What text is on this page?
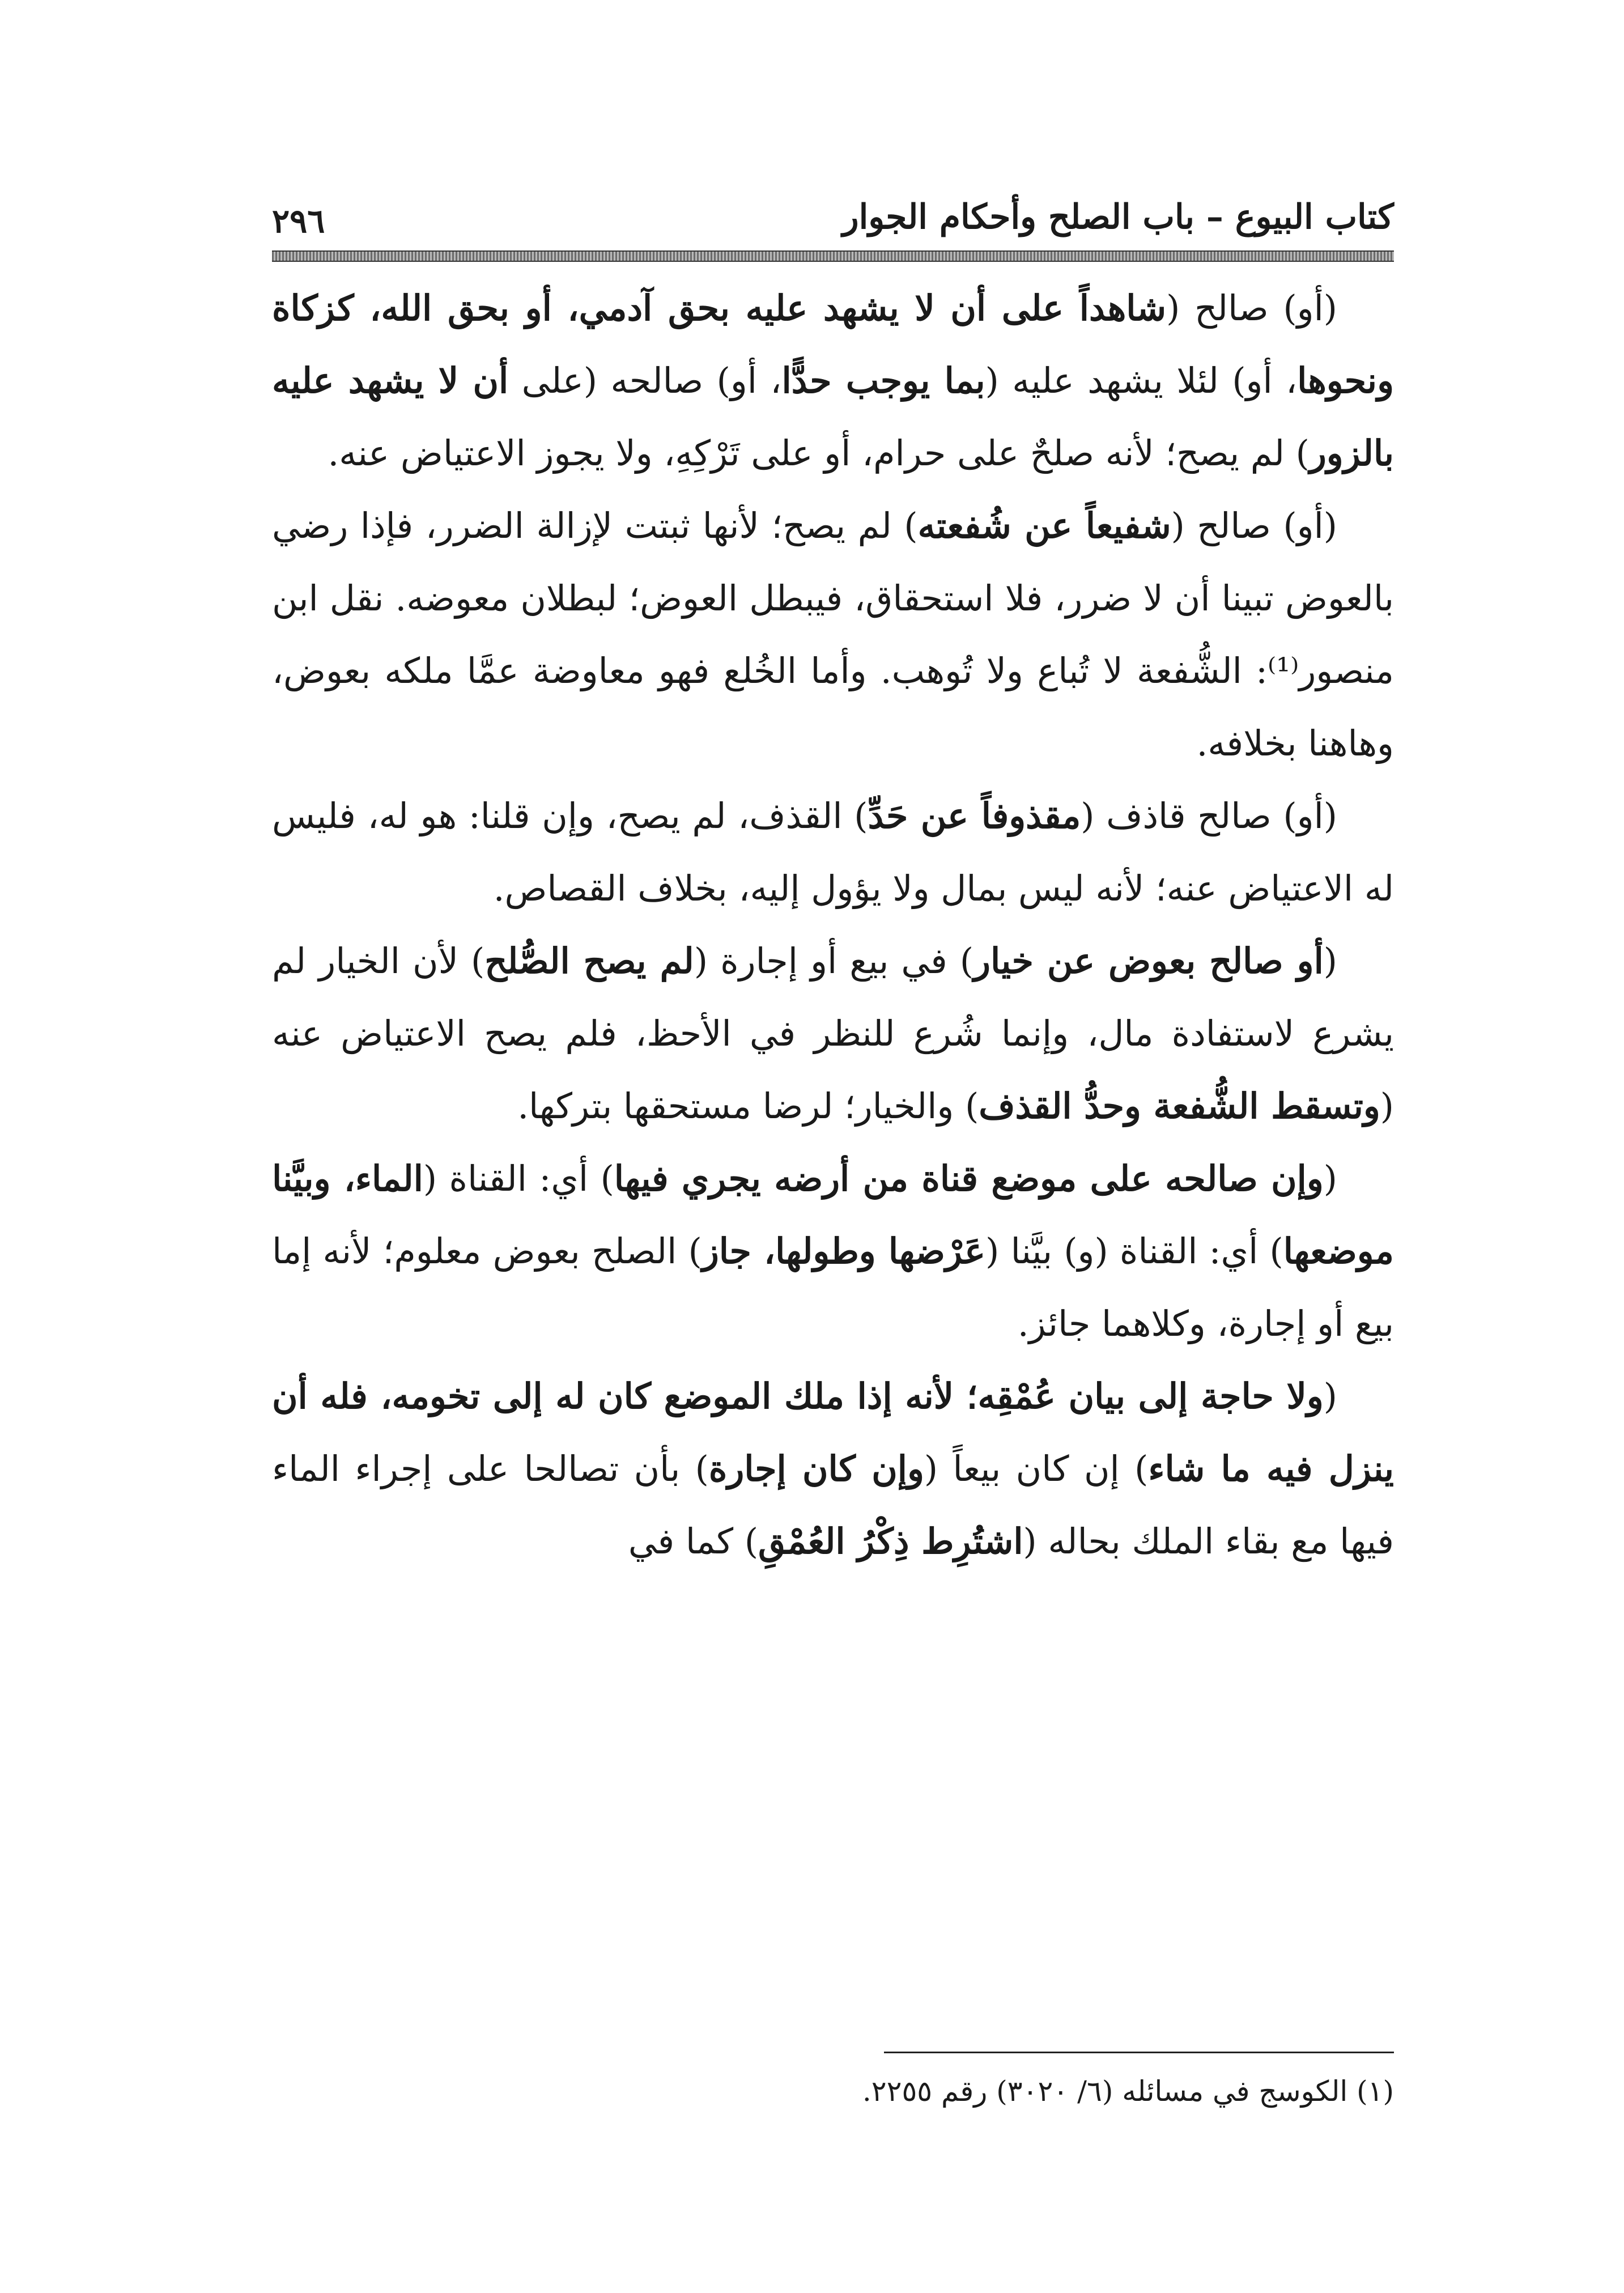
كتاب البيوع – باب الصلح وأحكام الجوار
٢٩٦

(أو) صالح (شاهداً على أن لا يشهد عليه بحق آدمي، أو بحق الله، كزكاة ونحوها، أو) لئلا يشهد عليه (بما يوجب حدًّا، أو) صالحه (على أن لا يشهد عليه بالزور) لم يصح؛ لأنه صلحٌ على حرام، أو على تَرْكِهِ، ولا يجوز الاعتياض عنه.

(أو) صالح (شفيعاً عن شُفعته) لم يصح؛ لأنها ثبتت لإزالة الضرر، فإذا رضي بالعوض تبينا أن لا ضرر، فلا استحقاق، فيبطل العوض؛ لبطلان معوضه. نقل ابن منصور⁽¹⁾: الشُّفعة لا تُباع ولا تُوهب. وأما الخُلع فهو معاوضة عمَّا ملكه بعوض، وهاهنا بخلافه.

(أو) صالح قاذف (مقذوفاً عن حَدِّ) القذف، لم يصح، وإن قلنا: هو له، فليس له الاعتياض عنه؛ لأنه ليس بمال ولا يؤول إليه، بخلاف القصاص.

(أو صالح بعوض عن خيار) في بيع أو إجارة (لم يصح الصُّلح) لأن الخيار لم يشرع لاستفادة مال، وإنما شُرع للنظر في الأحظ، فلم يصح الاعتياض عنه (وتسقط الشُّفعة وحدُّ القذف) والخيار؛ لرضا مستحقها بتركها.

(وإن صالحه على موضع قناة من أرضه يجري فيها) أي: القناة (الماء، وبيَّنا موضعها) أي: القناة (و) بيَّنا (عَرْضها وطولها، جاز) الصلح بعوض معلوم؛ لأنه إما بيع أو إجارة، وكلاهما جائز.

(ولا حاجة إلى بيان عُمْقِه؛ لأنه إذا ملك الموضع كان له إلى تخومه، فله أن ينزل فيه ما شاء) إن كان بيعاً (وإن كان إجارة) بأن تصالحا على إجراء الماء فيها مع بقاء الملك بحاله (اشتُرِط ذِكْرُ العُمْقِ) كما في

(١) الكوسج في مسائله (٦/ ٣٠٢٠) رقم ٢٢٥٥.
